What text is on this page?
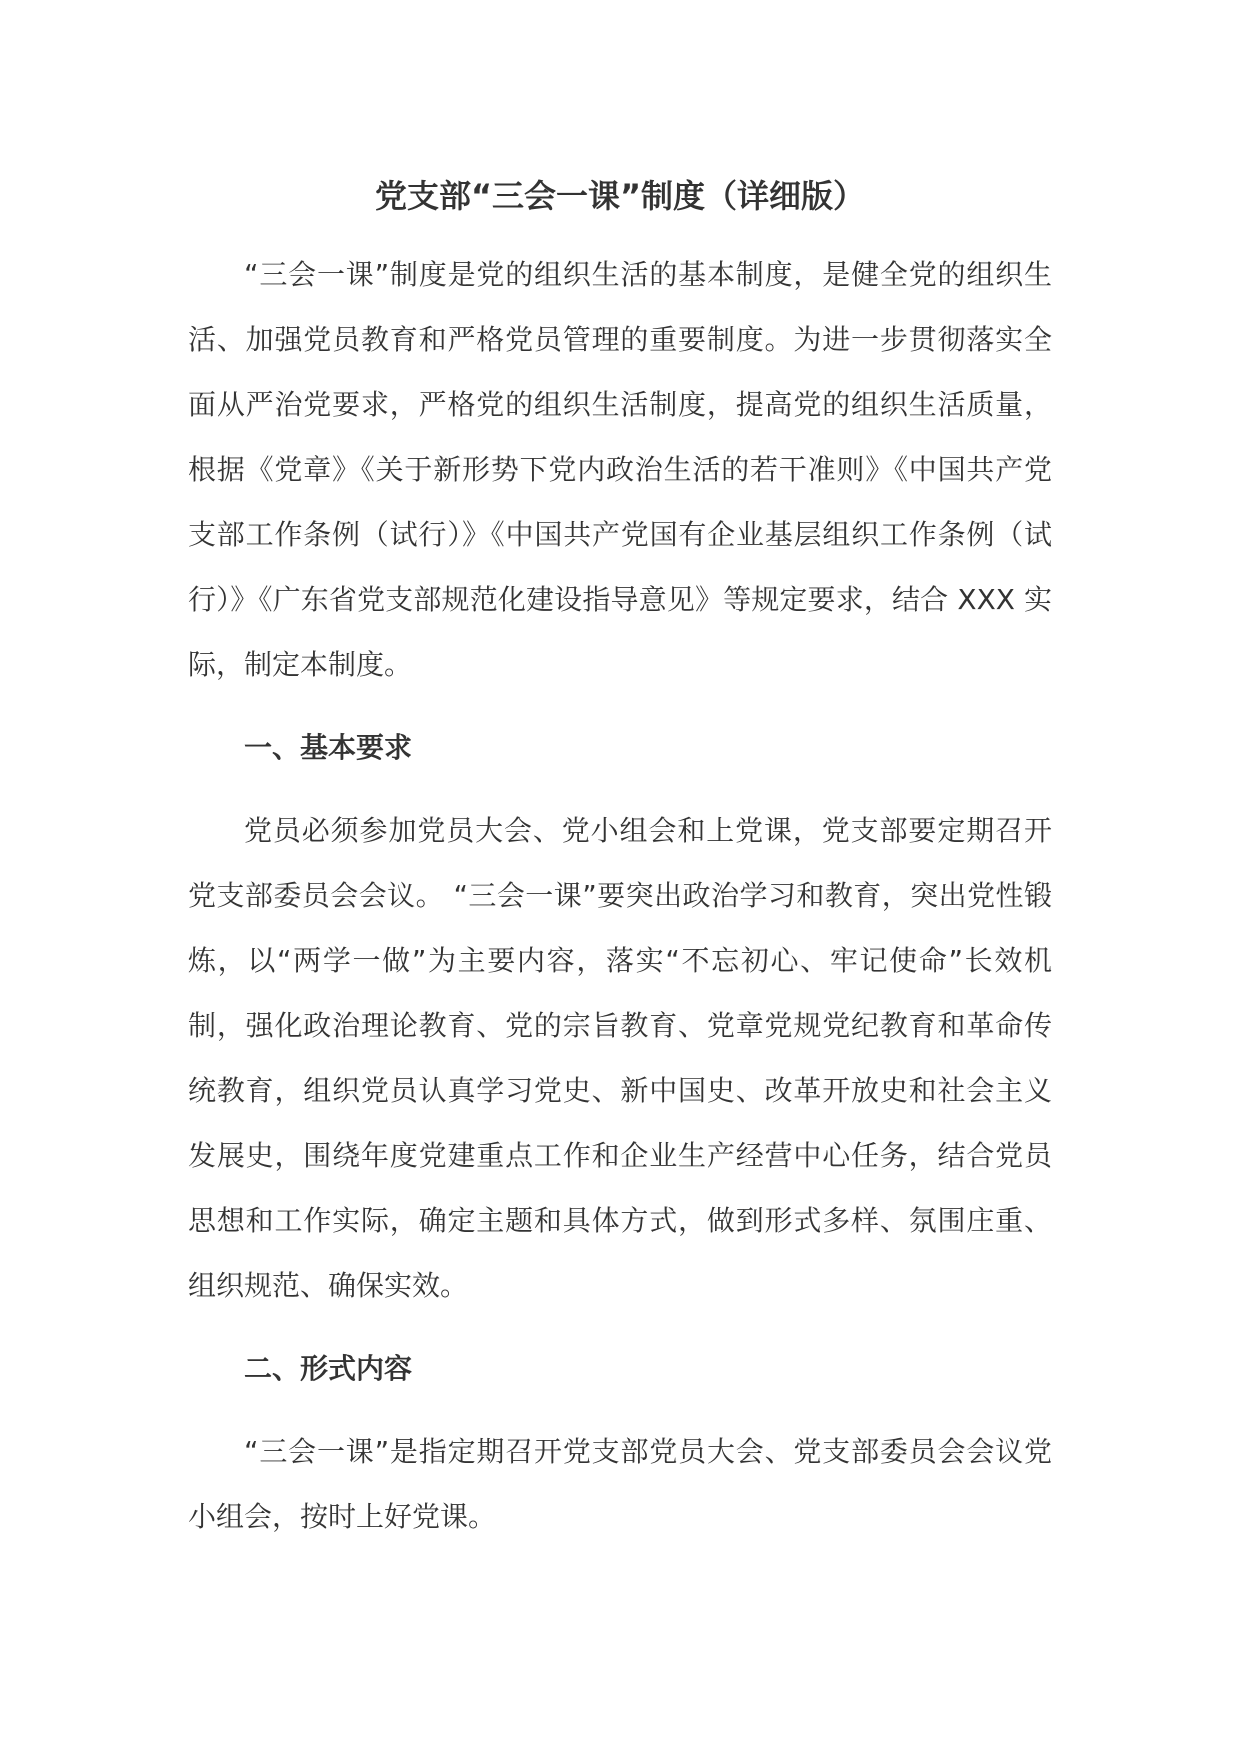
党支部“三会一课”制度（详细版）

“三会一课”制度是党的组织生活的基本制度，是健全党的组织生活、加强党员教育和严格党员管理的重要制度。为进一步贯彻落实全面从严治党要求，严格党的组织生活制度，提高党的组织生活质量，根据《党章》《关于新形势下党内政治生活的若干准则》《中国共产党支部工作条例（试行）》《中国共产党国有企业基层组织工作条例（试行）》《广东省党支部规范化建设指导意见》等规定要求，结合 XXX 实际，制定本制度。

一、基本要求

党员必须参加党员大会、党小组会和上党课，党支部要定期召开党支部委员会会议。 “三会一课”要突出政治学习和教育，突出党性锻炼，以“两学一做”为主要内容，落实“不忘初心、牢记使命”长效机制，强化政治理论教育、党的宗旨教育、党章党规党纪教育和革命传统教育，组织党员认真学习党史、新中国史、改革开放史和社会主义发展史，围绕年度党建重点工作和企业生产经营中心任务，结合党员思想和工作实际，确定主题和具体方式，做到形式多样、氛围庄重、组织规范、确保实效。

二、形式内容

“三会一课”是指定期召开党支部党员大会、党支部委员会会议党小组会，按时上好党课。
